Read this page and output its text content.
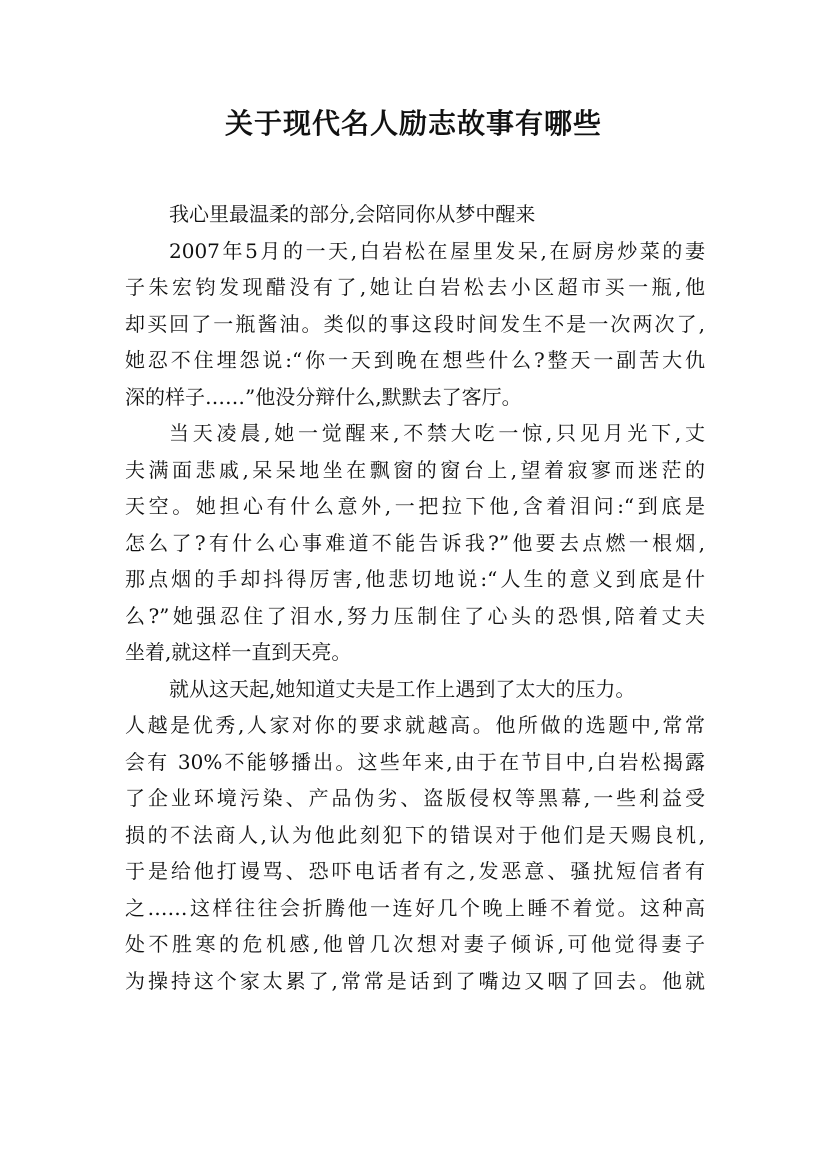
关于现代名人励志故事有哪些
我心里最温柔的部分,会陪同你从梦中醒来
2007年5月的一天,白岩松在屋里发呆,在厨房炒菜的妻
子朱宏钧发现醋没有了,她让白岩松去小区超市买一瓶,他
却买回了一瓶酱油。类似的事这段时间发生不是一次两次了,
她忍不住埋怨说:“你一天到晚在想些什么?整天一副苦大仇
深的样子……”他没分辩什么,默默去了客厅。
当天凌晨,她一觉醒来,不禁大吃一惊,只见月光下,丈
夫满面悲戚,呆呆地坐在飘窗的窗台上,望着寂寥而迷茫的
天空。她担心有什么意外,一把拉下他,含着泪问:“到底是
怎么了?有什么心事难道不能告诉我?”他要去点燃一根烟,
那点烟的手却抖得厉害,他悲切地说:“人生的意义到底是什
么?”她强忍住了泪水,努力压制住了心头的恐惧,陪着丈夫
坐着,就这样一直到天亮。
就从这天起,她知道丈夫是工作上遇到了太大的压力。
人越是优秀,人家对你的要求就越高。他所做的选题中,常常
会有 30%不能够播出。这些年来,由于在节目中,白岩松揭露
了企业环境污染、产品伪劣、盗版侵权等黑幕,一些利益受
损的不法商人,认为他此刻犯下的错误对于他们是天赐良机,
于是给他打谩骂、恐吓电话者有之,发恶意、骚扰短信者有
之……这样往往会折腾他一连好几个晚上睡不着觉。这种高
处不胜寒的危机感,他曾几次想对妻子倾诉,可他觉得妻子
为操持这个家太累了,常常是话到了嘴边又咽了回去。他就
